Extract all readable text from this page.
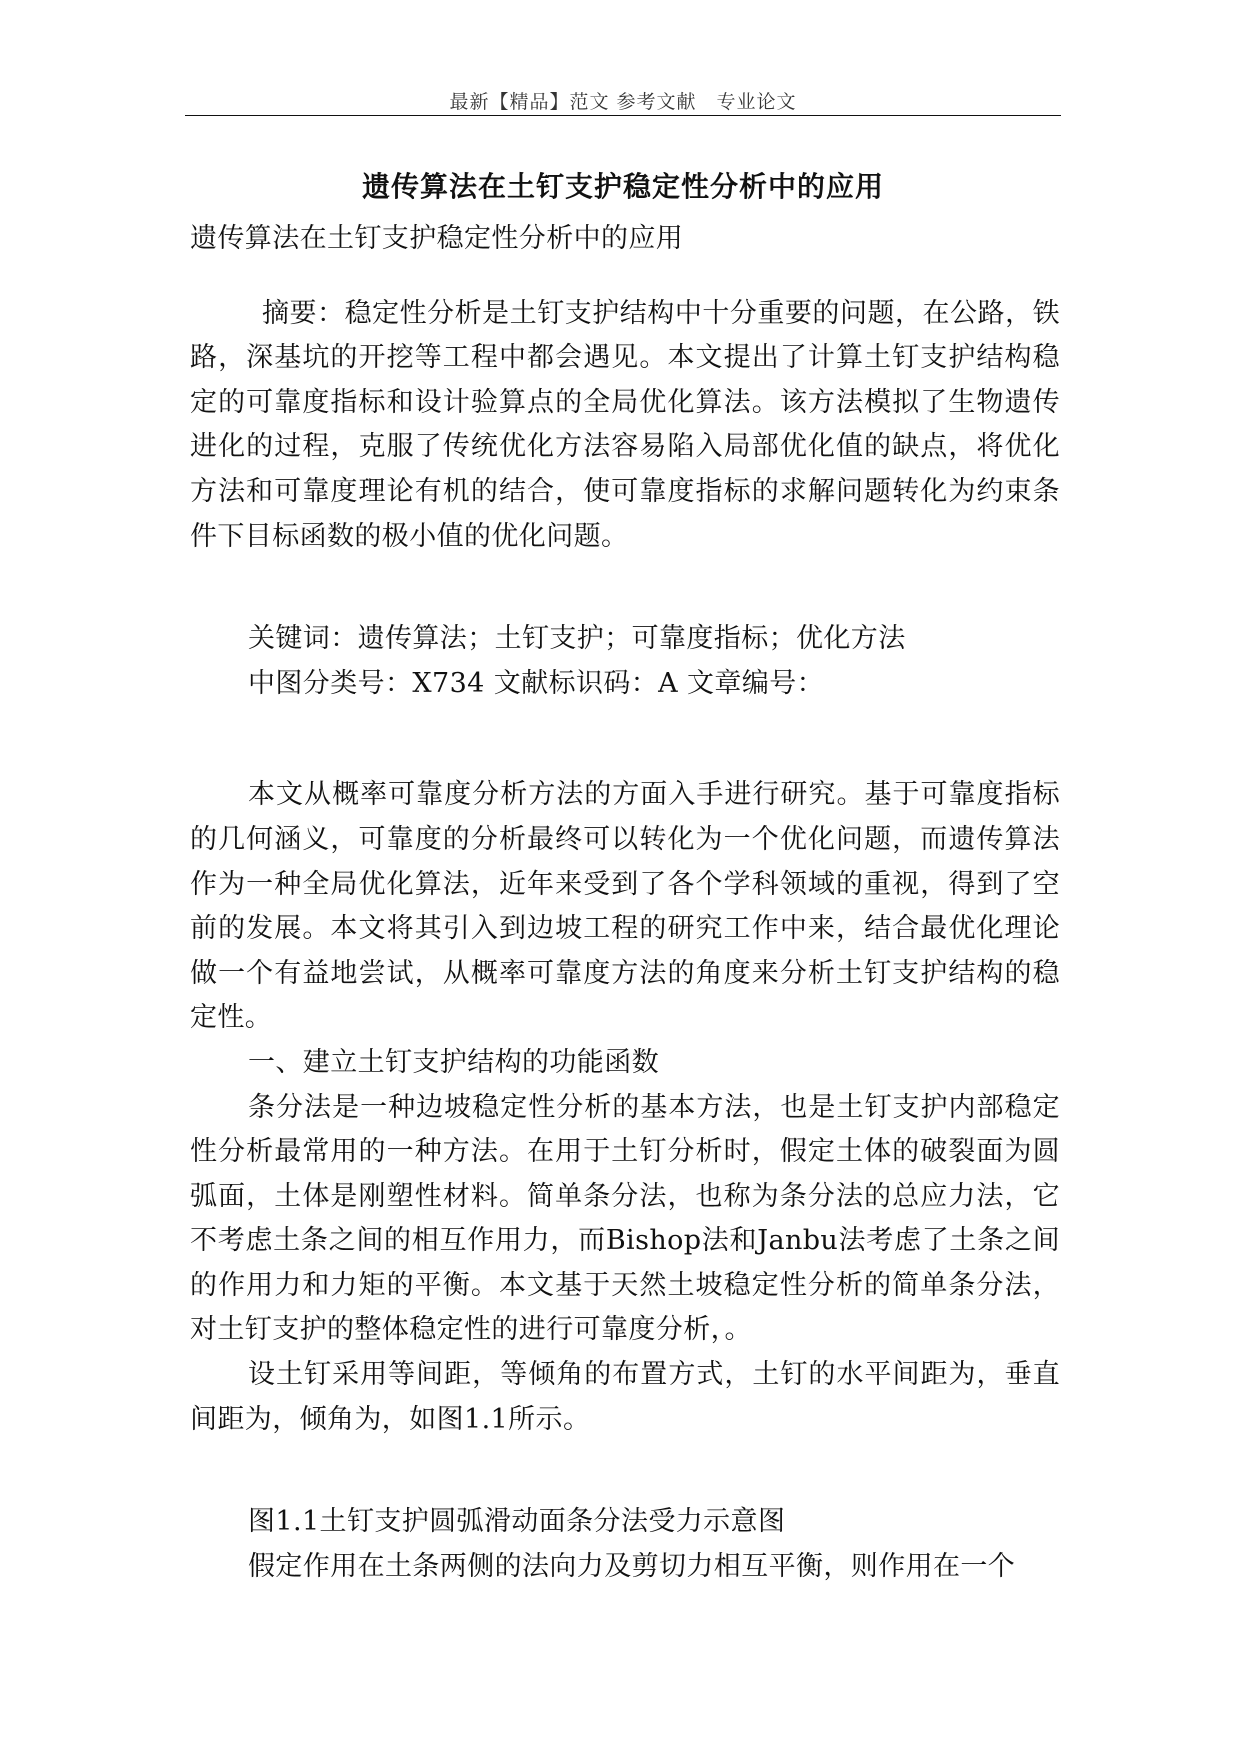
最新【精品】范文 参考文献　专业论文
遗传算法在土钉支护稳定性分析中的应用

遗传算法在土钉支护稳定性分析中的应用

摘要：稳定性分析是土钉支护结构中十分重要的问题，在公路，铁路，深基坑的开挖等工程中都会遇见。本文提出了计算土钉支护结构稳定的可靠度指标和设计验算点的全局优化算法。该方法模拟了生物遗传进化的过程，克服了传统优化方法容易陷入局部优化值的缺点，将优化方法和可靠度理论有机的结合，使可靠度指标的求解问题转化为约束条件下目标函数的极小值的优化问题。

关键词：遗传算法；土钉支护；可靠度指标；优化方法

中图分类号：X734 文献标识码：A 文章编号：

本文从概率可靠度分析方法的方面入手进行研究。基于可靠度指标的几何涵义，可靠度的分析最终可以转化为一个优化问题，而遗传算法作为一种全局优化算法，近年来受到了各个学科领域的重视，得到了空前的发展。本文将其引入到边坡工程的研究工作中来，结合最优化理论做一个有益地尝试，从概率可靠度方法的角度来分析土钉支护结构的稳定性。

一、建立土钉支护结构的功能函数

条分法是一种边坡稳定性分析的基本方法，也是土钉支护内部稳定性分析最常用的一种方法。在用于土钉分析时，假定土体的破裂面为圆弧面，土体是刚塑性材料。简单条分法，也称为条分法的总应力法，它不考虑土条之间的相互作用力，而Bishop法和Janbu法考虑了土条之间的作用力和力矩的平衡。本文基于天然土坡稳定性分析的简单条分法，对土钉支护的整体稳定性的进行可靠度分析，。

设土钉采用等间距，等倾角的布置方式，土钉的水平间距为，垂直间距为，倾角为，如图1.1所示。

图1.1土钉支护圆弧滑动面条分法受力示意图

假定作用在土条两侧的法向力及剪切力相互平衡，则作用在一个
